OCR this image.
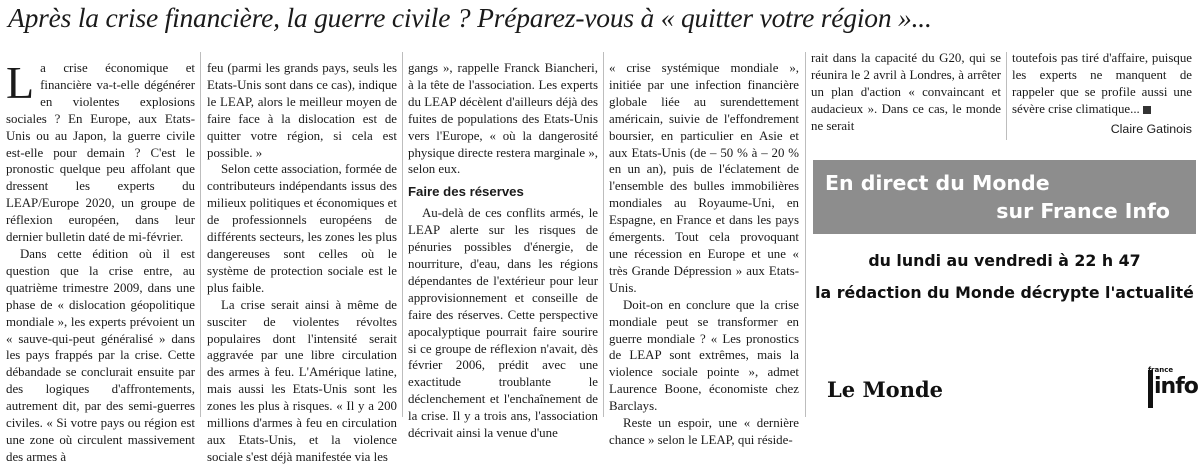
Après la crise financière, la guerre civile ? Préparez-vous à « quitter votre région »...

La crise économique et financière va-t-elle dégénérer en violentes explosions sociales ? En Europe, aux Etats-Unis ou au Japon, la guerre civile est-elle pour demain ? C'est le pronostic quelque peu affolant que dressent les experts du LEAP/Europe 2020, un groupe de réflexion européen, dans leur dernier bulletin daté de mi-février.

Dans cette édition où il est question que la crise entre, au quatrième trimestre 2009, dans une phase de « dislocation géopolitique mondiale », les experts prévoient un « sauve-qui-peut généralisé » dans les pays frappés par la crise. Cette débandade se conclurait ensuite par des logiques d'affrontements, autrement dit, par des semi-guerres civiles. « Si votre pays ou région est une zone où circulent massivement des armes à

feu (parmi les grands pays, seuls les Etats-Unis sont dans ce cas), indique le LEAP, alors le meilleur moyen de faire face à la dislocation est de quitter votre région, si cela est possible. »

Selon cette association, formée de contributeurs indépendants issus des milieux politiques et économiques et de professionnels européens de différents secteurs, les zones les plus dangereuses sont celles où le système de protection sociale est le plus faible.

La crise serait ainsi à même de susciter de violentes révoltes populaires dont l'intensité serait aggravée par une libre circulation des armes à feu. L'Amérique latine, mais aussi les Etats-Unis sont les zones les plus à risques. « Il y a 200 millions d'armes à feu en circulation aux Etats-Unis, et la violence sociale s'est déjà manifestée via les

gangs », rappelle Franck Biancheri, à la tête de l'association. Les experts du LEAP décèlent d'ailleurs déjà des fuites de populations des Etats-Unis vers l'Europe, « où la dangerosité physique directe restera marginale », selon eux.

Faire des réserves

Au-delà de ces conflits armés, le LEAP alerte sur les risques de pénuries possibles d'énergie, de nourriture, d'eau, dans les régions dépendantes de l'extérieur pour leur approvisionnement et conseille de faire des réserves. Cette perspective apocalyptique pourrait faire sourire si ce groupe de réflexion n'avait, dès février 2006, prédit avec une exactitude troublante le déclenchement et l'enchaînement de la crise. Il y a trois ans, l'association décrivait ainsi la venue d'une

« crise systémique mondiale », initiée par une infection financière globale liée au surendettement américain, suivie de l'effondrement boursier, en particulier en Asie et aux Etats-Unis (de – 50 % à – 20 % en un an), puis de l'éclatement de l'ensemble des bulles immobilières mondiales au Royaume-Uni, en Espagne, en France et dans les pays émergents. Tout cela provoquant une récession en Europe et une « très Grande Dépression » aux Etats-Unis.

Doit-on en conclure que la crise mondiale peut se transformer en guerre mondiale ? « Les pronostics de LEAP sont extrêmes, mais la violence sociale pointe », admet Laurence Boone, économiste chez Barclays.

Reste un espoir, une « dernière chance » selon le LEAP, qui réside-

rait dans la capacité du G20, qui se réunira le 2 avril à Londres, à arrêter un plan d'action « convaincant et audacieux ». Dans ce cas, le monde ne serait

toutefois pas tiré d'affaire, puisque les experts ne manquent de rappeler que se profile aussi une sévère crise climatique...

Claire Gatinois
En direct du Monde
sur France Info
du lundi au vendredi à 22 h 47
la rédaction du Monde décrypte l'actualité
Le Monde
france
info
